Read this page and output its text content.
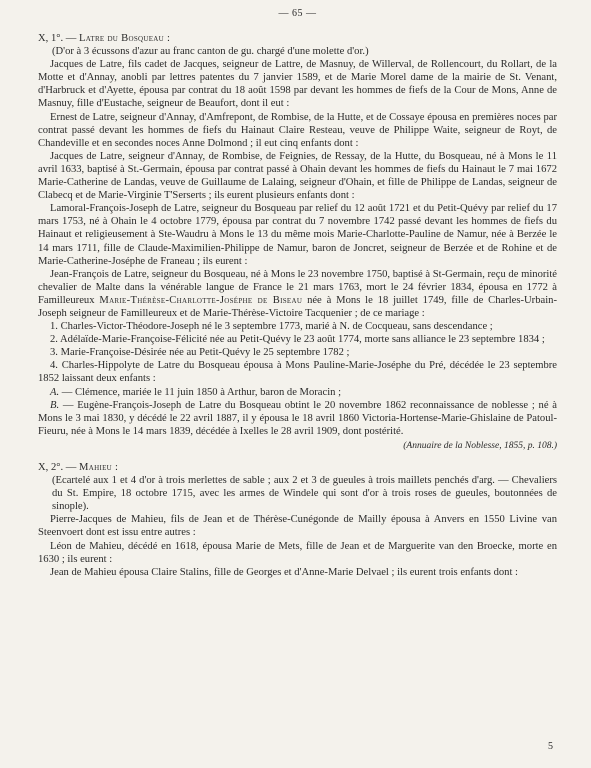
— 65 —
X, 1°. — Latre du Bosqueau :
(D'or à 3 écussons d'azur au franc canton de gu. chargé d'une molette d'or.)
Jacques de Latre, fils cadet de Jacques, seigneur de Lattre, de Masnuy, de Willerval, de Rollencourt, du Rollart, de la Motte et d'Annay, anobli par lettres patentes du 7 janvier 1589, et de Marie Morel dame de la mairie de St. Venant, d'Harbruck et d'Ayette, épousa par contrat du 18 août 1598 par devant les hommes de fiefs de la Cour de Mons, Anne de Masnuy, fille d'Eustache, seigneur de Beaufort, dont il eut :
Ernest de Latre, seigneur d'Annay, d'Amfrepont, de Rombise, de la Hutte, et de Cossaye épousa en premières noces par contrat passé devant les hommes de fiefs du Hainaut Claire Resteau, veuve de Philippe Waite, seigneur de Royt, de Chandeville et en secondes noces Anne Dolmond ; il eut cinq enfants dont :
Jacques de Latre, seigneur d'Annay, de Rombise, de Feignies, de Ressay, de la Hutte, du Bosqueau, né à Mons le 11 avril 1633, baptisé à St.-Germain, épousa par contrat passé à Ohain devant les hommes de fiefs du Hainaut le 7 mai 1672 Marie-Catherine de Landas, veuve de Guillaume de Lalaing, seigneur d'Ohain, et fille de Philippe de Landas, seigneur de Clabecq et de Marie-Virginie T'Serserts ; ils eurent plusieurs enfants dont :
Lamoral-François-Joseph de Latre, seigneur du Bosqueau par relief du 12 août 1721 et du Petit-Quévy par relief du 17 mars 1753, né à Ohain le 4 octobre 1779, épousa par contrat du 7 novembre 1742 passé devant les hommes de fiefs du Hainaut et religieusement à Ste-Waudru à Mons le 13 du même mois Marie-Charlotte-Pauline de Namur, née à Berzée le 14 mars 1711, fille de Claude-Maximilien-Philippe de Namur, baron de Joncret, seigneur de Berzée et de Rohine et de Marie-Catherine-Joséphe de Franeau ; ils eurent :
Jean-François de Latre, seigneur du Bosqueau, né à Mons le 23 novembre 1750, baptisé à St-Germain, reçu de minorité chevalier de Malte dans la vénérable langue de France le 21 mars 1763, mort le 24 février 1834, épousa en 1772 à Familleureux Marie-Thérèse-Charlotte-Joséphe de Biseau née à Mons le 18 juillet 1749, fille de Charles-Urbain-Joseph seigneur de Familleureux et de Marie-Thérèse-Victoire Tacquenier ; de ce mariage :
1. Charles-Victor-Théodore-Joseph né le 3 septembre 1773, marié à N. de Cocqueau, sans descendance ;
2. Adélaïde-Marie-Françoise-Félicité née au Petit-Quévy le 23 août 1774, morte sans alliance le 23 septembre 1834 ;
3. Marie-Françoise-Désirée née au Petit-Quévy le 25 septembre 1782 ;
4. Charles-Hippolyte de Latre du Bosqueau épousa à Mons Pauline-Marie-Joséphe du Pré, décédée le 23 septembre 1852 laissant deux enfants :
A. — Clémence, mariée le 11 juin 1850 à Arthur, baron de Moracin ;
B. — Eugène-François-Joseph de Latre du Bosqueau obtint le 20 novembre 1862 reconnaissance de noblesse ; né à Mons le 3 mai 1830, y décédé le 22 avril 1887, il y épousa le 18 avril 1860 Victoria-Hortense-Marie-Ghislaine de Patoul-Fieuru, née à Mons le 14 mars 1839, décédée à Ixelles le 28 avril 1909, dont postérité.
(Annuaire de la Noblesse, 1855, p. 108.)
X, 2°. — Mahieu :
(Ecartelé aux 1 et 4 d'or à trois merlettes de sable ; aux 2 et 3 de gueules à trois maillets penchés d'arg. — Chevaliers du St. Empire, 18 octobre 1715, avec les armes de Windele qui sont d'or à trois roses de gueules, boutonnées de sinople).
Pierre-Jacques de Mahieu, fils de Jean et de Thérèse-Cunégonde de Mailly épousa à Anvers en 1550 Livine van Steenvoert dont est issu entre autres :
Léon de Mahieu, décédé en 1618, épousa Marie de Mets, fille de Jean et de Marguerite van den Broecke, morte en 1630 ; ils eurent :
Jean de Mahieu épousa Claire Stalins, fille de Georges et d'Anne-Marie Delvael ; ils eurent trois enfants dont :
5
